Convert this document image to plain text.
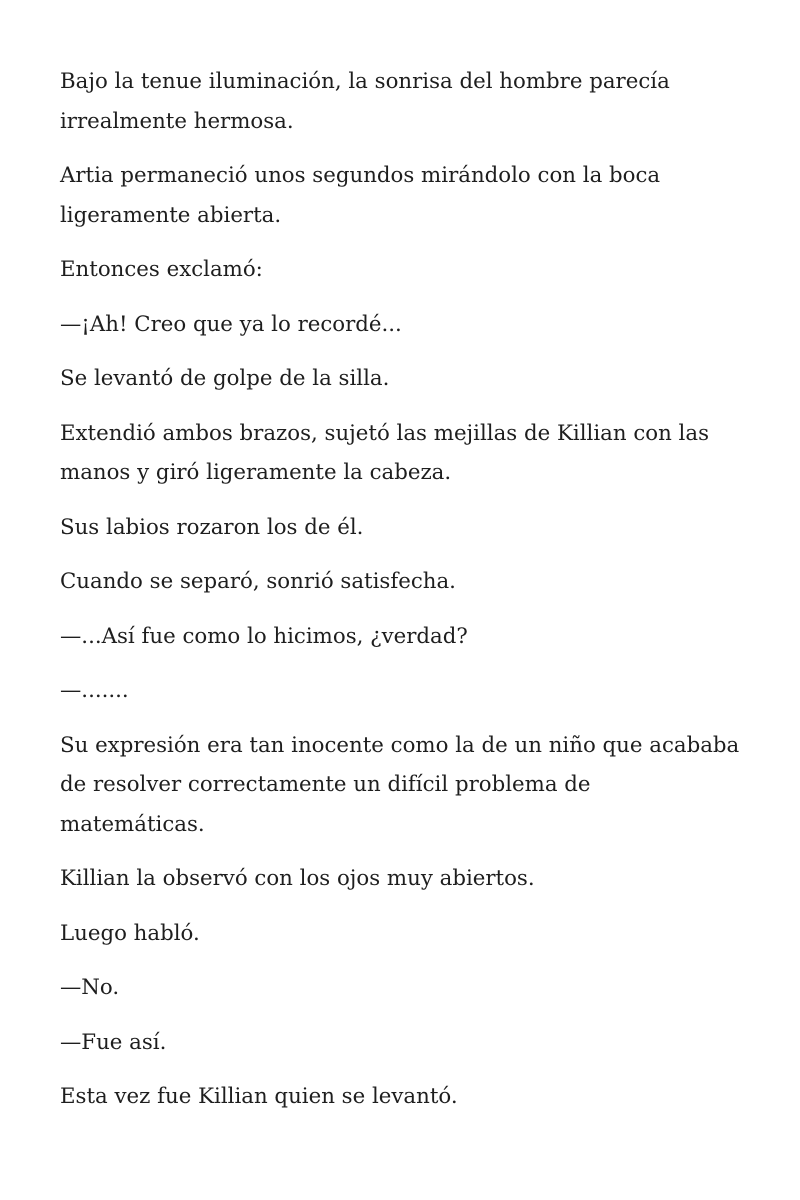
Bajo la tenue iluminación, la sonrisa del hombre parecía irrealmente hermosa.

Artia permaneció unos segundos mirándolo con la boca ligeramente abierta.

Entonces exclamó:

—¡Ah! Creo que ya lo recordé...

Se levantó de golpe de la silla.

Extendió ambos brazos, sujetó las mejillas de Killian con las manos y giró ligeramente la cabeza.

Sus labios rozaron los de él.

Cuando se separó, sonrió satisfecha.

—...Así fue como lo hicimos, ¿verdad?

—.......

Su expresión era tan inocente como la de un niño que acababa de resolver correctamente un difícil problema de matemáticas.

Killian la observó con los ojos muy abiertos.

Luego habló.

—No.

—Fue así.

Esta vez fue Killian quien se levantó.
